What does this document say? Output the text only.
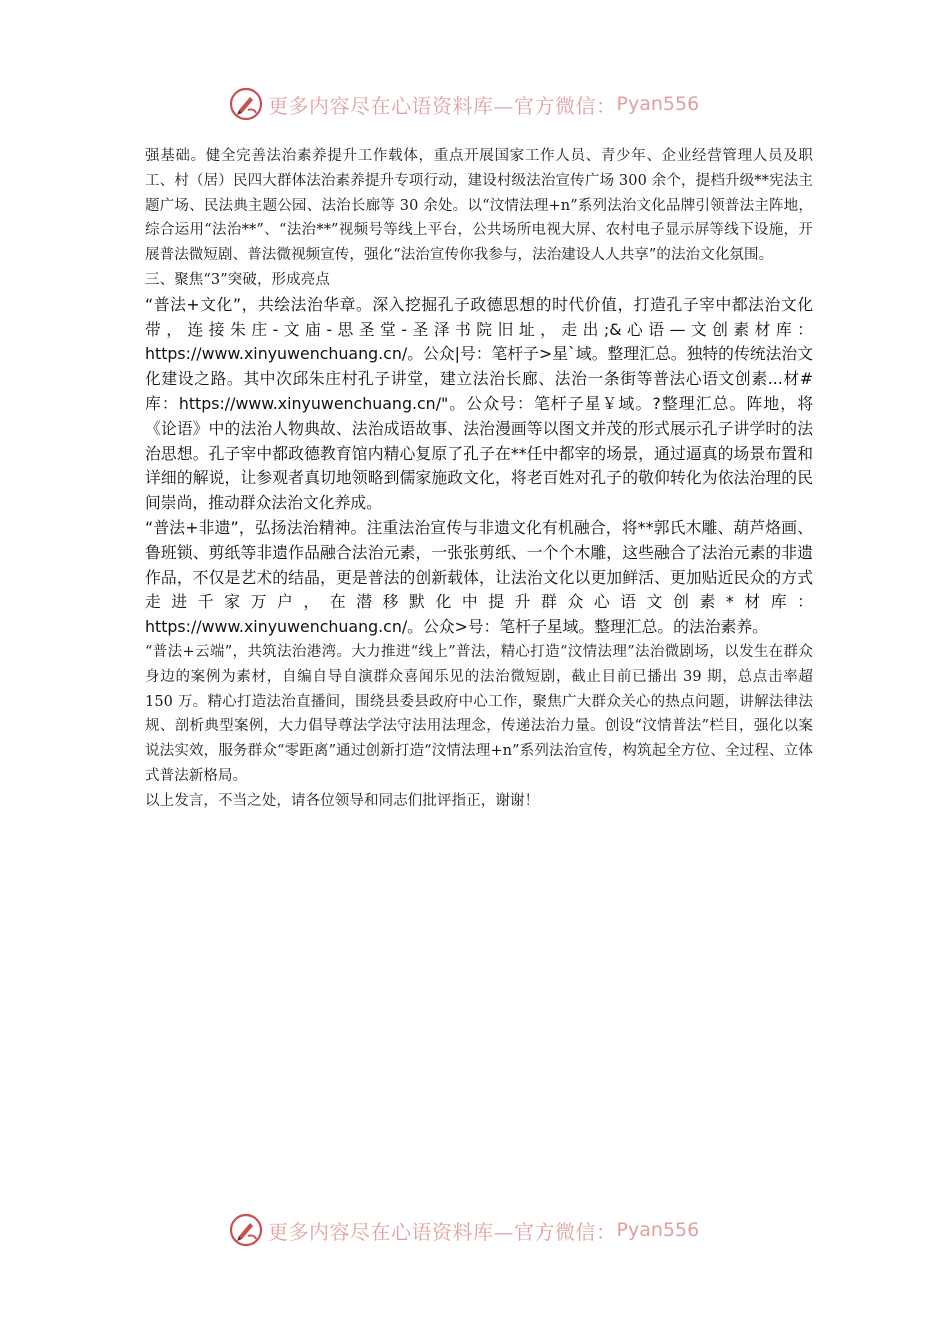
更多内容尽在心语资料库—官方微信： Pyan556

强基础。健全完善法治素养提升工作载体，重点开展国家工作人员、青少年、企业经营管理人员及职工、村（居）民四大群体法治素养提升专项行动，建设村级法治宣传广场 300 余个，提档升级**宪法主题广场、民法典主题公园、法治长廊等 30 余处。以“汶情法理+n”系列法治文化品牌引领普法主阵地，综合运用“法治**”、“法治**”视频号等线上平台，公共场所电视大屏、农村电子显示屏等线下设施，开展普法微短剧、普法微视频宣传，强化“法治宣传你我参与，法治建设人人共享”的法治文化氛围。

三、聚焦“3”突破，形成亮点

“普法+文化”，共绘法治华章。深入挖掘孔子政德思想的时代价值，打造孔子宰中都法治文化带，连接朱庄-文庙-思圣堂-圣泽书院旧址，走出;&心语—文创素材库：https://www.xinyuwenchuang.cn/。公众|号：笔杆子>星`域。整理汇总。独特的传统法治文化建设之路。其中次邱朱庄村孔子讲堂，建立法治长廊、法治一条街等普法心语文创素...材#库：https://www.xinyuwenchuang.cn/"。公众号：笔杆子星￥域。?整理汇总。阵地，将《论语》中的法治人物典故、法治成语故事、法治漫画等以图文并茂的形式展示孔子讲学时的法治思想。孔子宰中都政德教育馆内精心复原了孔子在**任中都宰的场景，通过逼真的场景布置和详细的解说，让参观者真切地领略到儒家施政文化，将老百姓对孔子的敬仰转化为依法治理的民间崇尚，推动群众法治文化养成。

“普法+非遗”，弘扬法治精神。注重法治宣传与非遗文化有机融合，将**郭氏木雕、葫芦烙画、鲁班锁、剪纸等非遗作品融合法治元素，一张张剪纸、一个个木雕，这些融合了法治元素的非遗作品，不仅是艺术的结晶，更是普法的创新载体，让法治文化以更加鲜活、更加贴近民众的方式走进千家万户，在潜移默化中提升群众心语文创素*材库：https://www.xinyuwenchuang.cn/。公众>号：笔杆子星域。整理汇总。的法治素养。

“普法+云端”，共筑法治港湾。大力推进“线上”普法，精心打造“汶情法理”法治微剧场，以发生在群众身边的案例为素材，自编自导自演群众喜闻乐见的法治微短剧，截止目前已播出 39 期，总点击率超 150 万。精心打造法治直播间，围绕县委县政府中心工作，聚焦广大群众关心的热点问题，讲解法律法规、剖析典型案例，大力倡导尊法学法守法用法理念，传递法治力量。创设“汶情普法”栏目，强化以案说法实效，服务群众“零距离”通过创新打造“汶情法理+n”系列法治宣传，构筑起全方位、全过程、立体式普法新格局。

以上发言，不当之处，请各位领导和同志们批评指正，谢谢！

更多内容尽在心语资料库—官方微信： Pyan556
